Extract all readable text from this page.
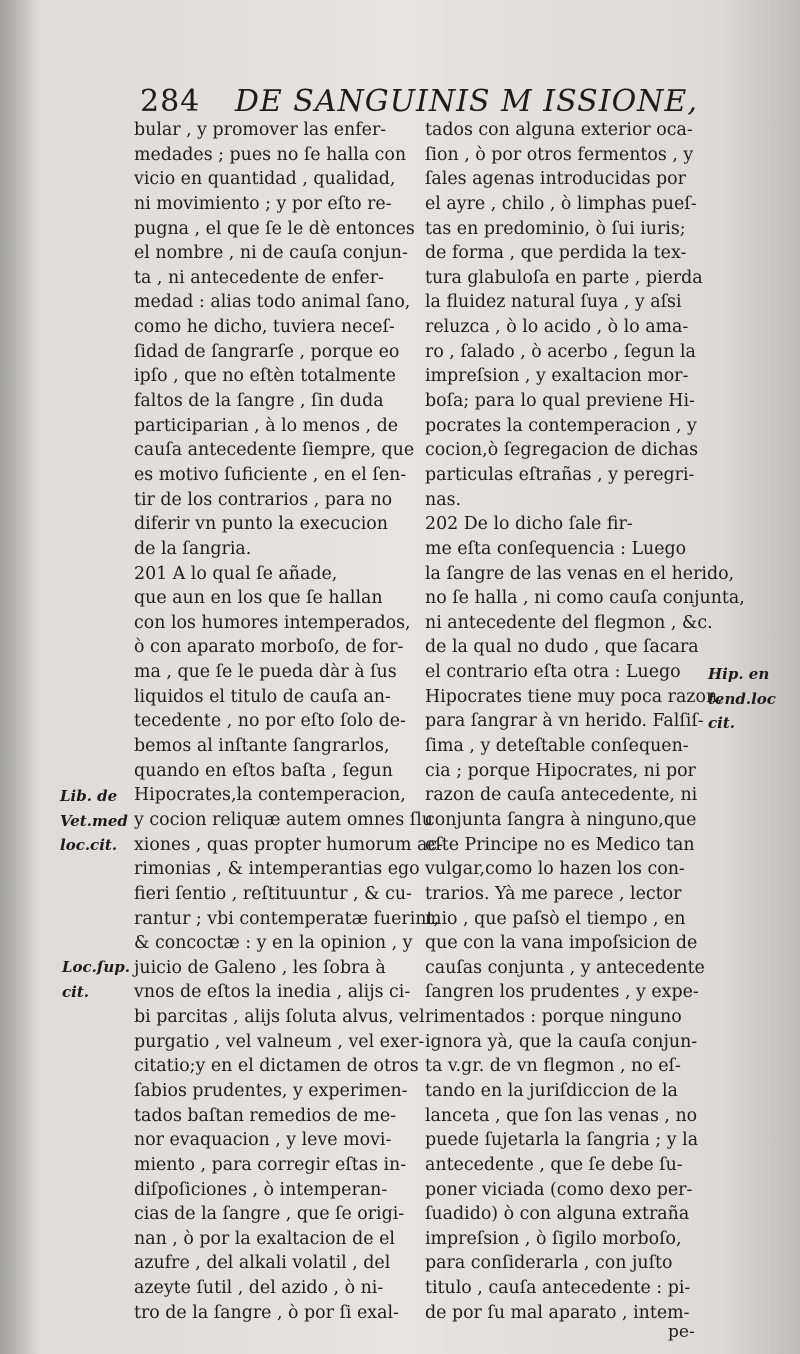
284 DE SANGUINIS M ISSIONE,
bular , y promover las enfer-
medades ; pues no ſe halla con
vicio en quantidad , qualidad,
ni movimiento ; y por eſto re-
pugna , el que ſe le dè entonces
el nombre , ni de cauſa conjun-
ta , ni antecedente de enfer-
medad : alias todo animal ſano,
como he dicho, tuviera neceſ-
ſidad de ſangrarſe , porque eo
ipſo , que no eſtèn totalmente
faltos de la ſangre , ſin duda
participarian , à lo menos , de
cauſa antecedente ſiempre, que
es motivo ſuficiente , en el ſen-
tir de los contrarios , para no
diferir vn punto la execucion
de la ſangria.
201 A lo qual ſe añade,
que aun en los que ſe hallan
con los humores intemperados,
ò con aparato morboſo, de for-
ma , que ſe le pueda dàr à ſus
liquidos el titulo de cauſa an-
tecedente , no por eſto ſolo de-
bemos al inſtante ſangrarlos,
quando en eſtos baſta , ſegun
Hipocrates,la contemperacion,
y cocion reliquæ autem omnes ſlu
xiones , quas propter humorum ac-
rimonias , & intemperantias ego
fieri ſentio , reſtituuntur , & cu-
rantur ; vbi contemperatæ fuerint,
& concoctæ : y en la opinion , y
juicio de Galeno , les ſobra à
vnos de eſtos la inedia , alijs ci-
bi parcitas , alijs ſoluta alvus, vel
purgatio , vel valneum , vel exer-
citatio;y en el dictamen de otros
ſabios prudentes, y experimen-
tados baſtan remedios de me-
nor evaquacion , y leve movi-
miento , para corregir eſtas in-
diſpoſiciones , ò intemperan-
cias de la ſangre , que ſe origi-
nan , ò por la exaltacion de el
azufre , del alkali volatil , del
azeyte ſutil , del azido , ò ni-
tro de la ſangre , ò por ſi exal-
tados con alguna exterior oca-
ſion , ò por otros fermentos , y
ſales agenas introducidas por
el ayre , chilo , ò limphas pueſ-
tas en predominio, ò ſui iuris;
de forma , que perdida la tex-
tura glabuloſa en parte , pierda
la fluidez natural ſuya , y aſsi
reluzca , ò lo acido , ò lo ama-
ro , ſalado , ò acerbo , ſegun la
impreſsion , y exaltacion mor-
boſa; para lo qual previene Hi-
pocrates la contemperacion , y
cocion,ò ſegregacion de dichas
particulas eſtrañas , y peregri-
nas.
202 De lo dicho ſale fir-
me eſta conſequencia : Luego
la ſangre de las venas en el herido,
no ſe halla , ni como cauſa conjunta,
ni antecedente del flegmon , &c.
de la qual no dudo , que ſacara
el contrario eſta otra : Luego
Hipocrates tiene muy poca razon,
para ſangrar à vn herido. Falſiſ-
ſima , y deteſtable conſequen-
cia ; porque Hipocrates, ni por
razon de cauſa antecedente, ni
conjunta ſangra à ninguno,que
eſte Principe no es Medico tan
vulgar,como lo hazen los con-
trarios. Yà me parece , lector
mio , que paſsò el tiempo , en
que con la vana impoſsicion de
cauſas conjunta , y antecedente
ſangren los prudentes , y expe-
rimentados : porque ninguno
ignora yà, que la cauſa conjun-
ta v.gr. de vn flegmon , no eſ-
tando en la juriſdiccion de la
lanceta , que ſon las venas , no
puede ſujetarla la ſangria ; y la
antecedente , que ſe debe ſu-
poner viciada (como dexo per-
ſuadido) ò con alguna extraña
impreſsion , ò ſigilo morboſo,
para conſiderarla , con juſto
titulo , cauſa antecedente : pi-
de por ſu mal aparato , intem-
Lib. de
Vet.med
loc.cit.
Loc.ſup.
cit.
Hip. en
tend.loc
cit.
pe-
